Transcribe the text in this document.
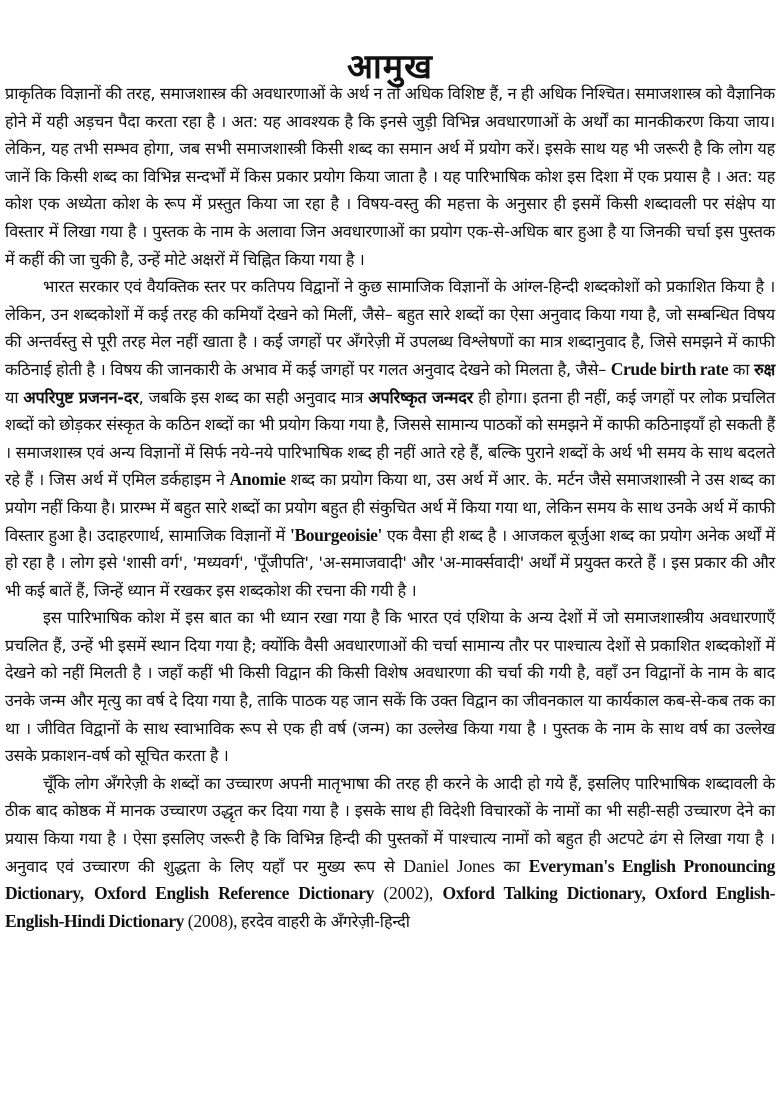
आमुख

प्राकृतिक विज्ञानों की तरह, समाजशास्त्र की अवधारणाओं के अर्थ न तो अधिक विशिष्ट हैं, न ही अधिक निश्चित। समाजशास्त्र को वैज्ञानिक होने में यही अड़चन पैदा करता रहा है । अत: यह आवश्यक है कि इनसे जुड़ी विभिन्न अवधारणाओं के अर्थों का मानकीकरण किया जाय। लेकिन, यह तभी सम्भव होगा, जब सभी समाजशास्त्री किसी शब्द का समान अर्थ में प्रयोग करें। इसके साथ यह भी जरूरी है कि लोग यह जानें कि किसी शब्द का विभिन्न सन्दर्भों में किस प्रकार प्रयोग किया जाता है । यह पारिभाषिक कोश इस दिशा में एक प्रयास है । अत: यह कोश एक अध्येता कोश के रूप में प्रस्तुत किया जा रहा है । विषय-वस्तु की महत्ता के अनुसार ही इसमें किसी शब्दावली पर संक्षेप या विस्तार में लिखा गया है । पुस्तक के नाम के अलावा जिन अवधारणाओं का प्रयोग एक-से-अधिक बार हुआ है या जिनकी चर्चा इस पुस्तक में कहीं की जा चुकी है, उन्हें मोटे अक्षरों में चिह्नित किया गया है ।

भारत सरकार एवं वैयक्तिक स्तर पर कतिपय विद्वानों ने कुछ सामाजिक विज्ञानों के आंग्ल-हिन्दी शब्दकोशों को प्रकाशित किया है । लेकिन, उन शब्दकोशों में कई तरह की कमियाँ देखने को मिलीं, जैसे– बहुत सारे शब्दों का ऐसा अनुवाद किया गया है, जो सम्बन्धित विषय की अन्तर्वस्तु से पूरी तरह मेल नहीं खाता है । कई जगहों पर अँगरेज़ी में उपलब्ध विश्लेषणों का मात्र शब्दानुवाद है, जिसे समझने में काफी कठिनाई होती है । विषय की जानकारी के अभाव में कई जगहों पर गलत अनुवाद देखने को मिलता है, जैसे– Crude birth rate का रुक्ष या अपरिपुष्ट प्रजनन-दर, जबकि इस शब्द का सही अनुवाद मात्र अपरिष्कृत जन्मदर ही होगा। इतना ही नहीं, कई जगहों पर लोक प्रचलित शब्दों को छोड़कर संस्कृत के कठिन शब्दों का भी प्रयोग किया गया है, जिससे सामान्य पाठकों को समझने में काफी कठिनाइयाँ हो सकती हैं । समाजशास्त्र एवं अन्य विज्ञानों में सिर्फ नये-नये पारिभाषिक शब्द ही नहीं आते रहे हैं, बल्कि पुराने शब्दों के अर्थ भी समय के साथ बदलते रहे हैं । जिस अर्थ में एमिल डर्कहाइम ने Anomie शब्द का प्रयोग किया था, उस अर्थ में आर. के. मर्टन जैसे समाजशास्त्री ने उस शब्द का प्रयोग नहीं किया है। प्रारम्भ में बहुत सारे शब्दों का प्रयोग बहुत ही संकुचित अर्थ में किया गया था, लेकिन समय के साथ उनके अर्थ में काफी विस्तार हुआ है। उदाहरणार्थ, सामाजिक विज्ञानों में 'Bourgeoisie' एक वैसा ही शब्द है । आजकल बूर्जुआ शब्द का प्रयोग अनेक अर्थों में हो रहा है । लोग इसे 'शासी वर्ग', 'मध्यवर्ग', 'पूँजीपति', 'अ-समाजवादी' और 'अ-मार्क्सवादी' अर्थों में प्रयुक्त करते हैं । इस प्रकार की और भी कई बातें हैं, जिन्हें ध्यान में रखकर इस शब्दकोश की रचना की गयी है ।

इस पारिभाषिक कोश में इस बात का भी ध्यान रखा गया है कि भारत एवं एशिया के अन्य देशों में जो समाजशास्त्रीय अवधारणाएँ प्रचलित हैं, उन्हें भी इसमें स्थान दिया गया है; क्योंकि वैसी अवधारणाओं की चर्चा सामान्य तौर पर पाश्चात्य देशों से प्रकाशित शब्दकोशों में देखने को नहीं मिलती है । जहाँ कहीं भी किसी विद्वान की किसी विशेष अवधारणा की चर्चा की गयी है, वहाँ उन विद्वानों के नाम के बाद उनके जन्म और मृत्यु का वर्ष दे दिया गया है, ताकि पाठक यह जान सकें कि उक्त विद्वान का जीवनकाल या कार्यकाल कब-से-कब तक का था । जीवित विद्वानों के साथ स्वाभाविक रूप से एक ही वर्ष (जन्म) का उल्लेख किया गया है । पुस्तक के नाम के साथ वर्ष का उल्लेख उसके प्रकाशन-वर्ष को सूचित करता है ।

चूँकि लोग अँगरेज़ी के शब्दों का उच्चारण अपनी मातृभाषा की तरह ही करने के आदी हो गये हैं, इसलिए पारिभाषिक शब्दावली के ठीक बाद कोष्ठक में मानक उच्चारण उद्धृत कर दिया गया है । इसके साथ ही विदेशी विचारकों के नामों का भी सही-सही उच्चारण देने का प्रयास किया गया है । ऐसा इसलिए जरूरी है कि विभिन्न हिन्दी की पुस्तकों में पाश्चात्य नामों को बहुत ही अटपटे ढंग से लिखा गया है । अनुवाद एवं उच्चारण की शुद्धता के लिए यहाँ पर मुख्य रूप से Daniel Jones का Everyman's English Pronouncing Dictionary, Oxford English Reference Dictionary (2002), Oxford Talking Dictionary, Oxford English-English-Hindi Dictionary (2008), हरदेव वाहरी के अँगरेज़ी-हिन्दी
